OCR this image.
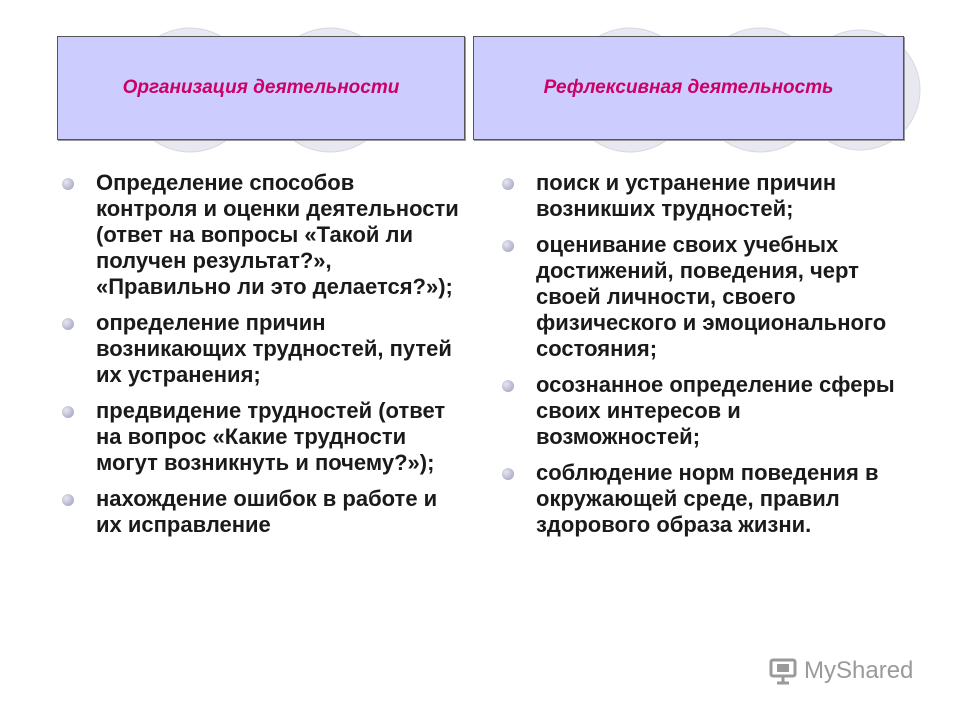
Организация деятельности	Рефлексивная деятельность
Определение способов контроля и оценки деятельности (ответ на вопросы «Такой ли получен результат?», «Правильно ли это делается?»);
определение причин возникающих трудностей, путей их устранения;
предвидение трудностей (ответ на вопрос «Какие трудности могут возникнуть и почему?»);
нахождение ошибок в работе и их исправление
поиск и устранение причин возникших трудностей;
оценивание своих учебных достижений, поведения, черт своей личности, своего физического и эмоционального состояния;
осознанное определение сферы своих интересов и возможностей;
соблюдение норм поведения в окружающей среде, правил здорового образа жизни.
MyShared
